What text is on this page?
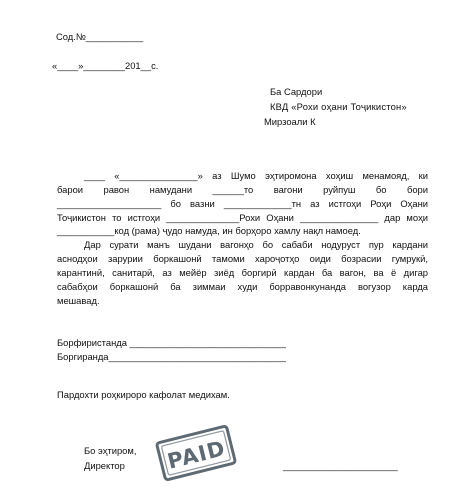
Сод.№___________
«____»________201__с.
Ба Сардори
КВД «Рохи оҳани Тоҷикистон»
Мирзоали К
____ «_______________» аз Шумо эҳтиромона хоҳиш менамояд, ки
барои равон намудани ______то вагони руйпуш бо бори
____________________ бо вазни _____________тн аз истгоҳи Роҳи Оҳани
Тоҷикистон то истгоҳи ______________Рохи Оҳани _______________ дар моҳи
___________код (рама) ҷудо намуда, ин борҳоро хамлу нақл намоед.
Дар сурати манъ шудани вагонҳо бо сабаби нодуруст пур кардани
аснодҳои зарурии боркашонӣ тамоми хароҷотҳо оиди бозрасии гумрукӣ,
карантинӣ, санитарӣ, аз мейёр зиёд боргирӣ кардан ба вагон, ва ё дигар
сабабҳои боркашонӣ ба зиммаи худи борравонкунанда вогузор карда
мешавад.
Борфиристанда ______________________________
Боргиранда__________________________________
Пардохти роҳкироро кафолат медихам.
Бо эҳтиром,
Директор	______________________
PAID
